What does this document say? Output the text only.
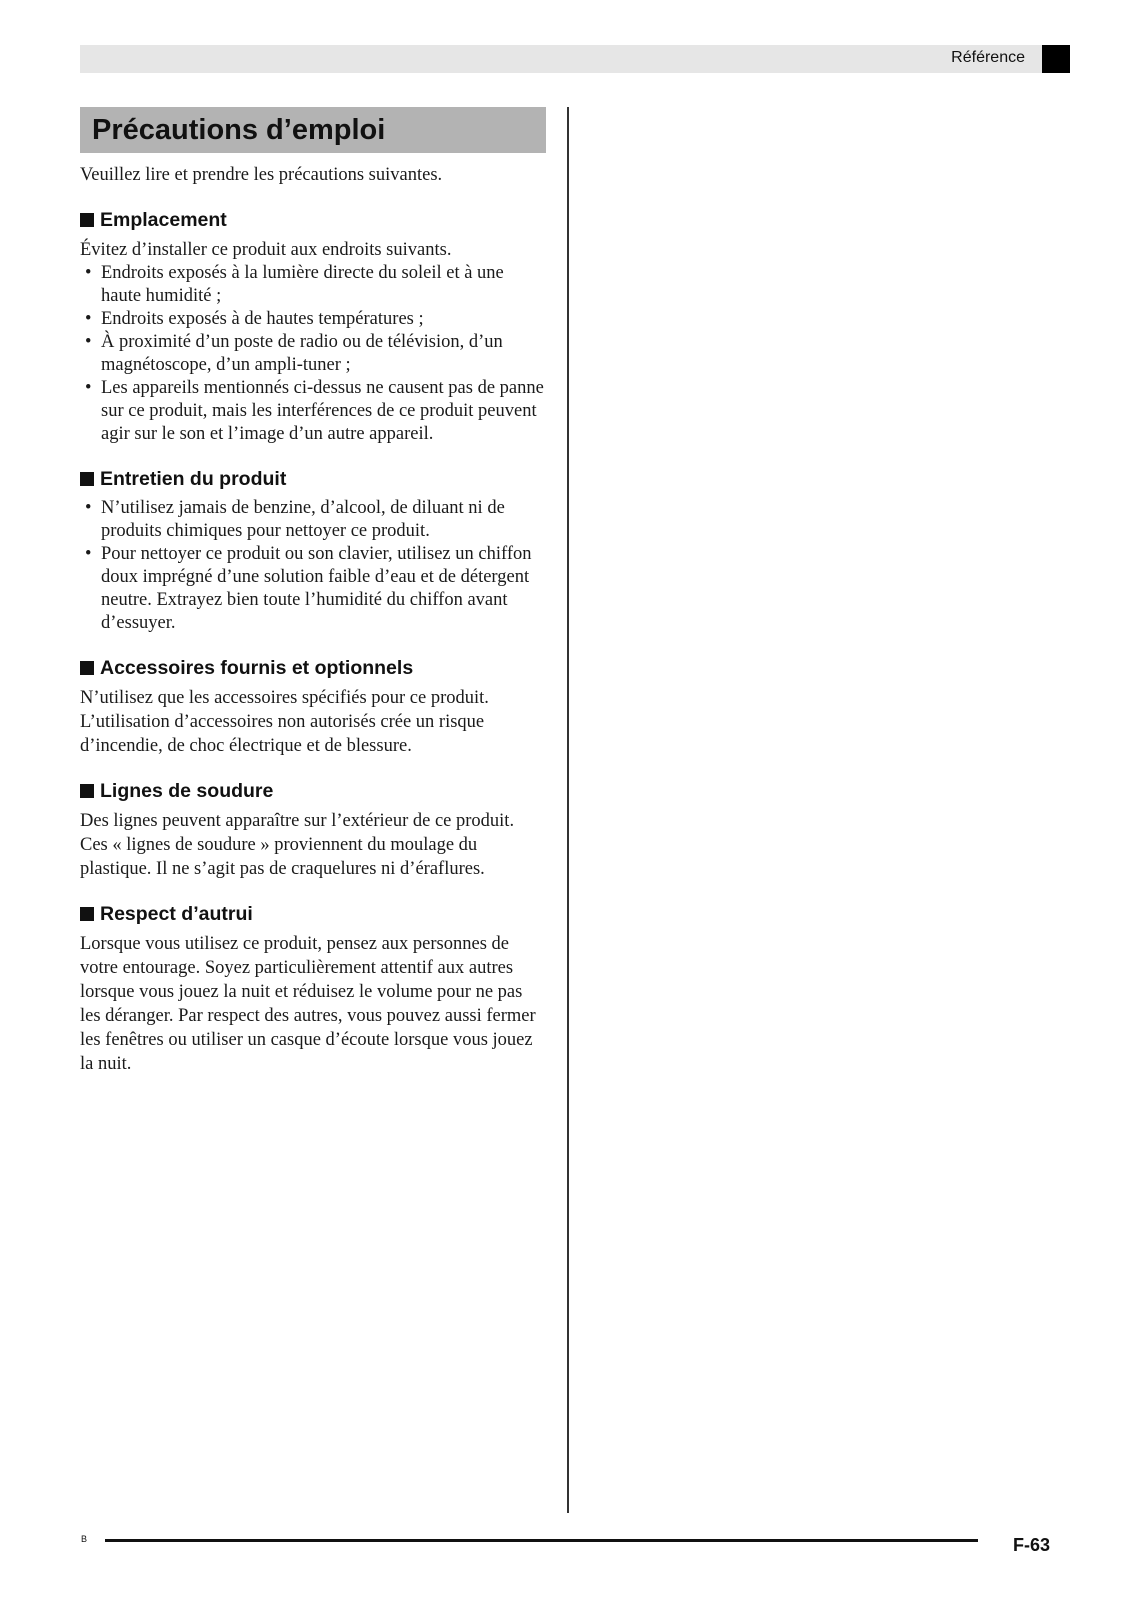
Référence
Précautions d’emploi

Veuillez lire et prendre les précautions suivantes.

Emplacement

Évitez d’installer ce produit aux endroits suivants.

• Endroits exposés à la lumière directe du soleil et à une haute humidité ;
• Endroits exposés à de hautes températures ;
• À proximité d’un poste de radio ou de télévision, d’un magnétoscope, d’un ampli-tuner ;
• Les appareils mentionnés ci-dessus ne causent pas de panne sur ce produit, mais les interférences de ce produit peuvent agir sur le son et l’image d’un autre appareil.
Entretien du produit
• N’utilisez jamais de benzine, d’alcool, de diluant ni de produits chimiques pour nettoyer ce produit.
• Pour nettoyer ce produit ou son clavier, utilisez un chiffon doux imprégné d’une solution faible d’eau et de détergent neutre. Extrayez bien toute l’humidité du chiffon avant d’essuyer.
Accessoires fournis et optionnels

N’utilisez que les accessoires spécifiés pour ce produit. L’utilisation d’accessoires non autorisés crée un risque d’incendie, de choc électrique et de blessure.

Lignes de soudure

Des lignes peuvent apparaître sur l’extérieur de ce produit. Ces « lignes de soudure » proviennent du moulage du plastique. Il ne s’agit pas de craquelures ni d’éraflures.

Respect d’autrui

Lorsque vous utilisez ce produit, pensez aux personnes de votre entourage. Soyez particulièrement attentif aux autres lorsque vous jouez la nuit et réduisez le volume pour ne pas les déranger. Par respect des autres, vous pouvez aussi fermer les fenêtres ou utiliser un casque d’écoute lorsque vous jouez la nuit.

B	F-63
